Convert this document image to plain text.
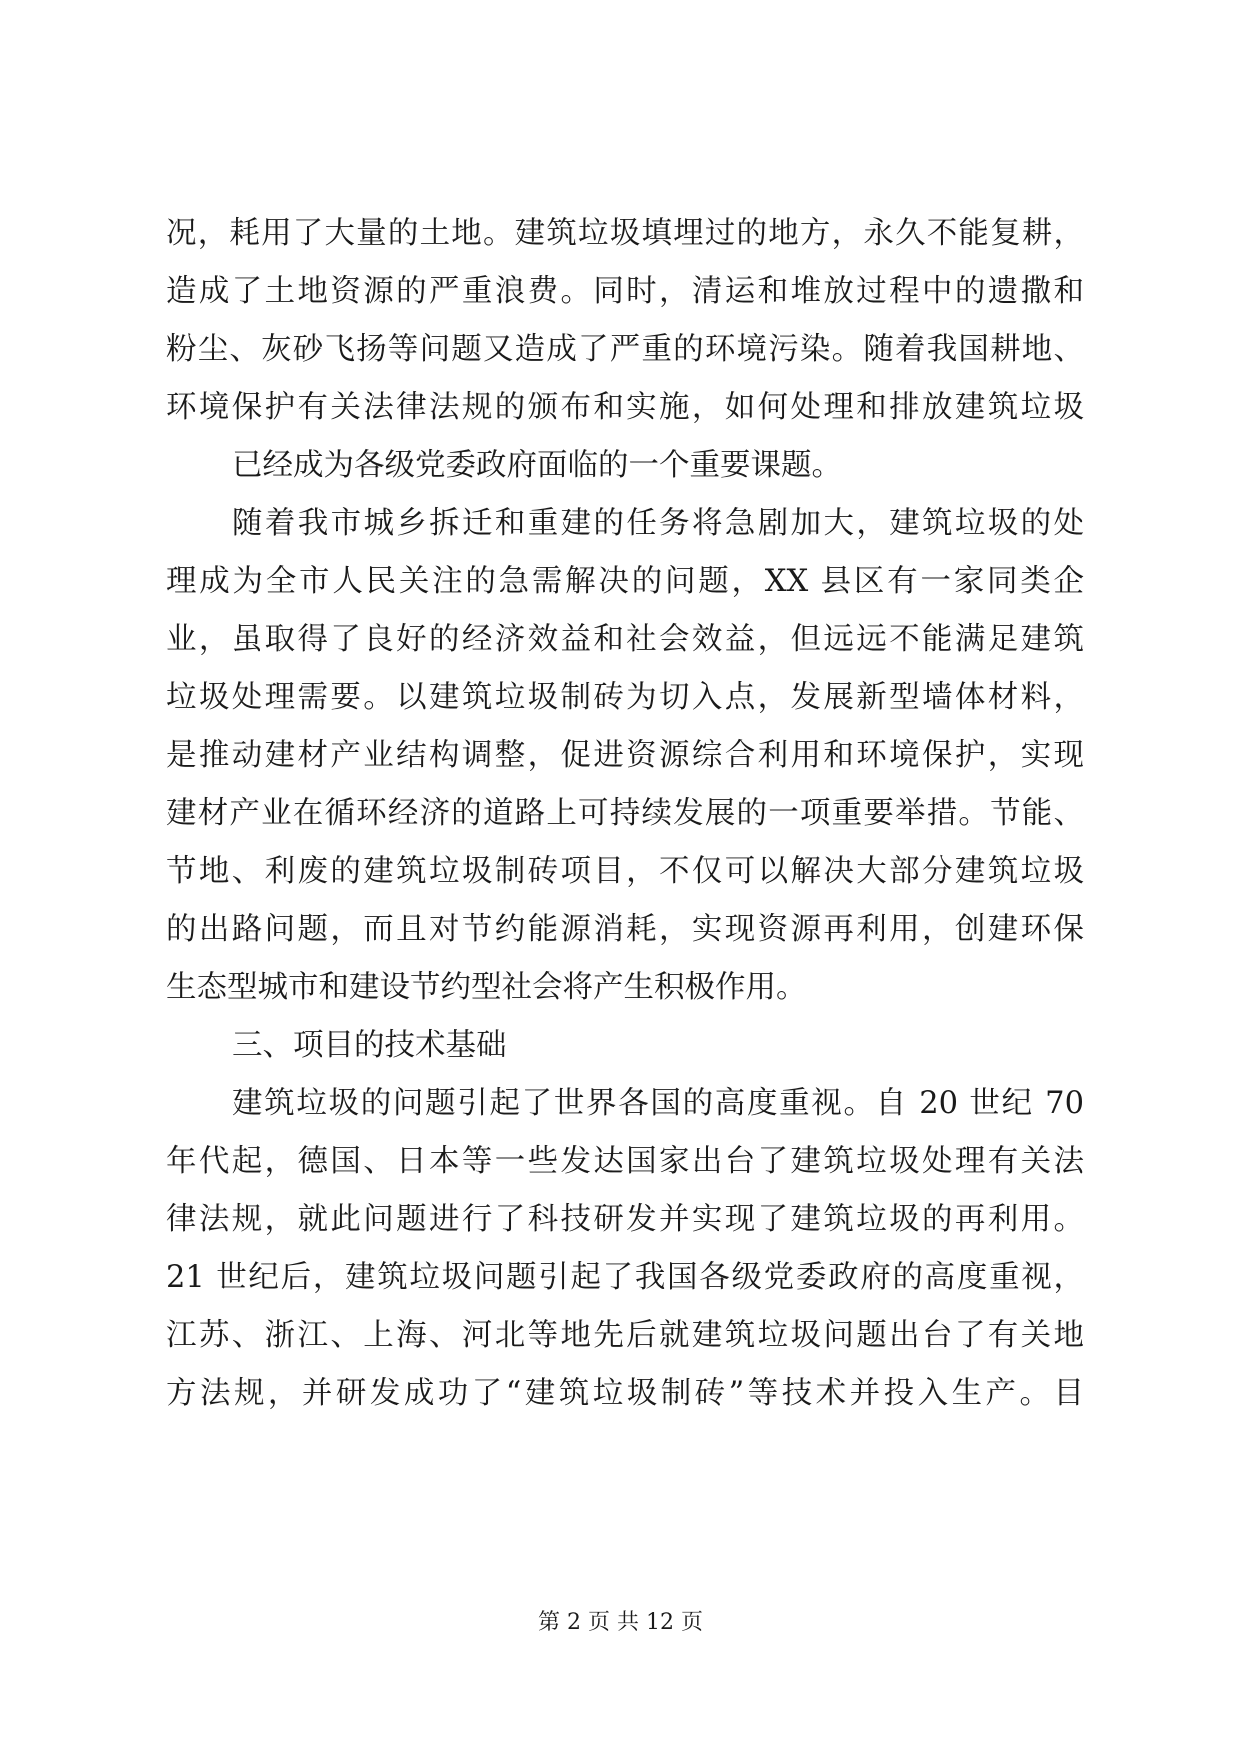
况，耗用了大量的土地。建筑垃圾填埋过的地方，永久不能复耕，
造成了土地资源的严重浪费。同时，清运和堆放过程中的遗撒和
粉尘、灰砂飞扬等问题又造成了严重的环境污染。随着我国耕地、
环境保护有关法律法规的颁布和实施，如何处理和排放建筑垃圾
已经成为各级党委政府面临的一个重要课题。
随着我市城乡拆迁和重建的任务将急剧加大，建筑垃圾的处
理成为全市人民关注的急需解决的问题，XX 县区有一家同类企
业，虽取得了良好的经济效益和社会效益，但远远不能满足建筑
垃圾处理需要。以建筑垃圾制砖为切入点，发展新型墙体材料，
是推动建材产业结构调整，促进资源综合利用和环境保护，实现
建材产业在循环经济的道路上可持续发展的一项重要举措。节能、
节地、利废的建筑垃圾制砖项目，不仅可以解决大部分建筑垃圾
的出路问题，而且对节约能源消耗，实现资源再利用，创建环保
生态型城市和建设节约型社会将产生积极作用。
三、项目的技术基础
建筑垃圾的问题引起了世界各国的高度重视。自 20 世纪 70
年代起，德国、日本等一些发达国家出台了建筑垃圾处理有关法
律法规，就此问题进行了科技研发并实现了建筑垃圾的再利用。
21 世纪后，建筑垃圾问题引起了我国各级党委政府的高度重视，
江苏、浙江、上海、河北等地先后就建筑垃圾问题出台了有关地
方法规，并研发成功了“建筑垃圾制砖”等技术并投入生产。目
第 2 页 共 12 页
